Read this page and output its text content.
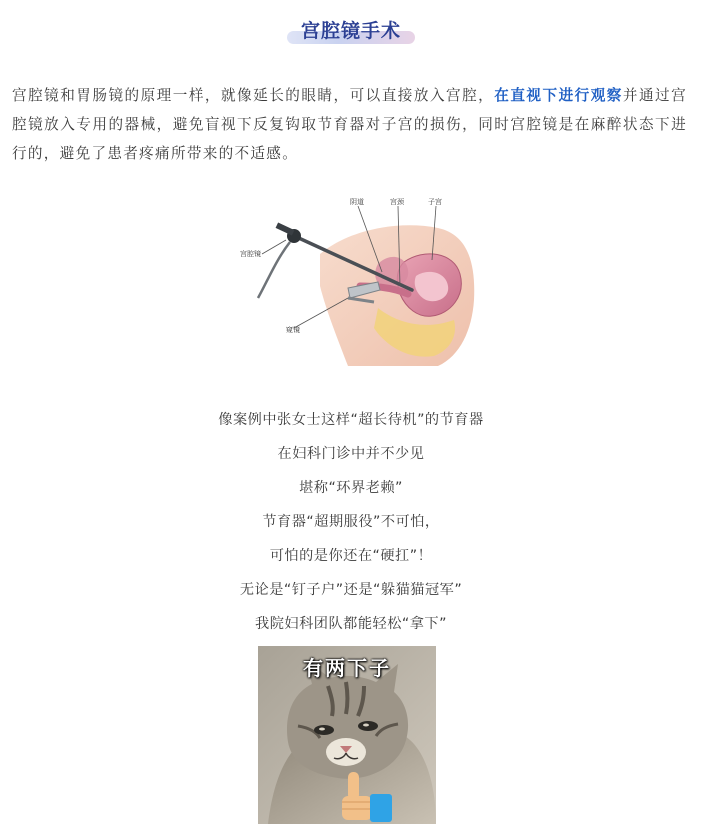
宫腔镜手术

宫腔镜和胃肠镜的原理一样，就像延长的眼睛，可以直接放入宫腔，在直视下进行观察并通过宫腔镜放入专用的器械，避免盲视下反复钩取节育器对子宫的损伤，同时宫腔镜是在麻醉状态下进行的，避免了患者疼痛所带来的不适感。

阴道	宫颈	子宫
宫腔镜
窥镜
像案例中张女士这样“超长待机”的节育器
在妇科门诊中并不少见
堪称“环界老赖”
节育器“超期服役”不可怕，
可怕的是你还在“硬扛”！
无论是“钉子户”还是“躲猫猫冠军”
我院妇科团队都能轻松“拿下”
有两下子
